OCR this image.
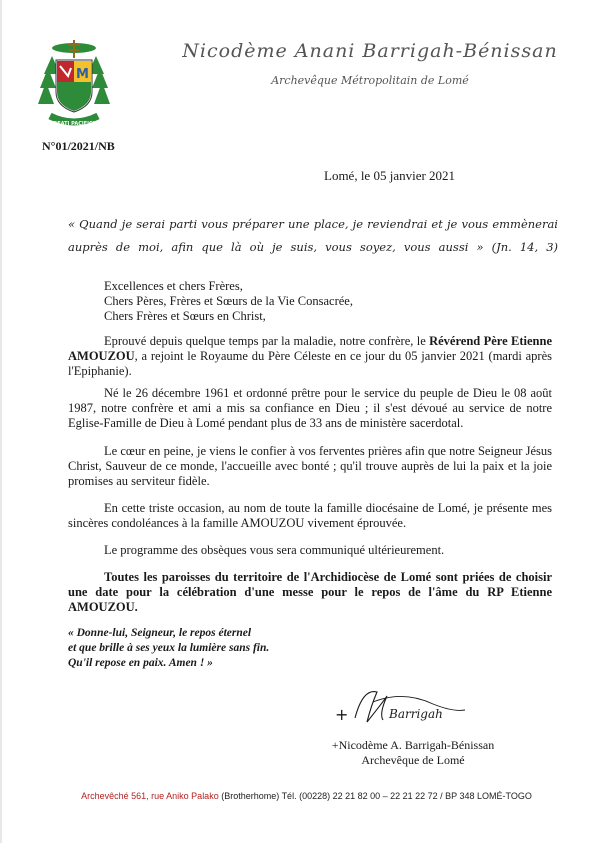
M
BEATI PACIFICI
N°01/2021/NB
Nicodème Anani Barrigah-Bénissan
Archevêque Métropolitain de Lomé
Lomé, le 05 janvier 2021
« Quand je serai parti vous préparer une place, je reviendrai et je vous emmènerai auprès de moi, afin que là où je suis, vous soyez, vous aussi » (Jn. 14, 3)
Excellences et chers Frères,
Chers Pères, Frères et Sœurs de la Vie Consacrée,
Chers Frères et Sœurs en Christ,
Eprouvé depuis quelque temps par la maladie, notre confrère, le Révérend Père Etienne AMOUZOU, a rejoint le Royaume du Père Céleste en ce jour du 05 janvier 2021 (mardi après l'Epiphanie).
Né le 26 décembre 1961 et ordonné prêtre pour le service du peuple de Dieu le 08 août 1987, notre confrère et ami a mis sa confiance en Dieu ; il s'est dévoué au service de notre Eglise-Famille de Dieu à Lomé pendant plus de 33 ans de ministère sacerdotal.
Le cœur en peine, je viens le confier à vos ferventes prières afin que notre Seigneur Jésus Christ, Sauveur de ce monde, l'accueille avec bonté ; qu'il trouve auprès de lui la paix et la joie promises au serviteur fidèle.
En cette triste occasion, au nom de toute la famille diocésaine de Lomé, je présente mes sincères condoléances à la famille AMOUZOU vivement éprouvée.
Le programme des obsèques vous sera communiqué ultérieurement.
Toutes les paroisses du territoire de l'Archidiocèse de Lomé sont priées de choisir une date pour la célébration d'une messe pour le repos de l'âme du RP Etienne AMOUZOU.
« Donne-lui, Seigneur, le repos éternel
et que brille à ses yeux la lumière sans fin.
Qu'il repose en paix. Amen ! »
+	Barrigah
+Nicodème A. Barrigah-Bénissan
Archevêque de Lomé
Archevêché 561, rue Aniko Palako (Brotherhome) Tél. (00228) 22 21 82 00 – 22 21 22 72 / BP 348 LOMÉ-TOGO
